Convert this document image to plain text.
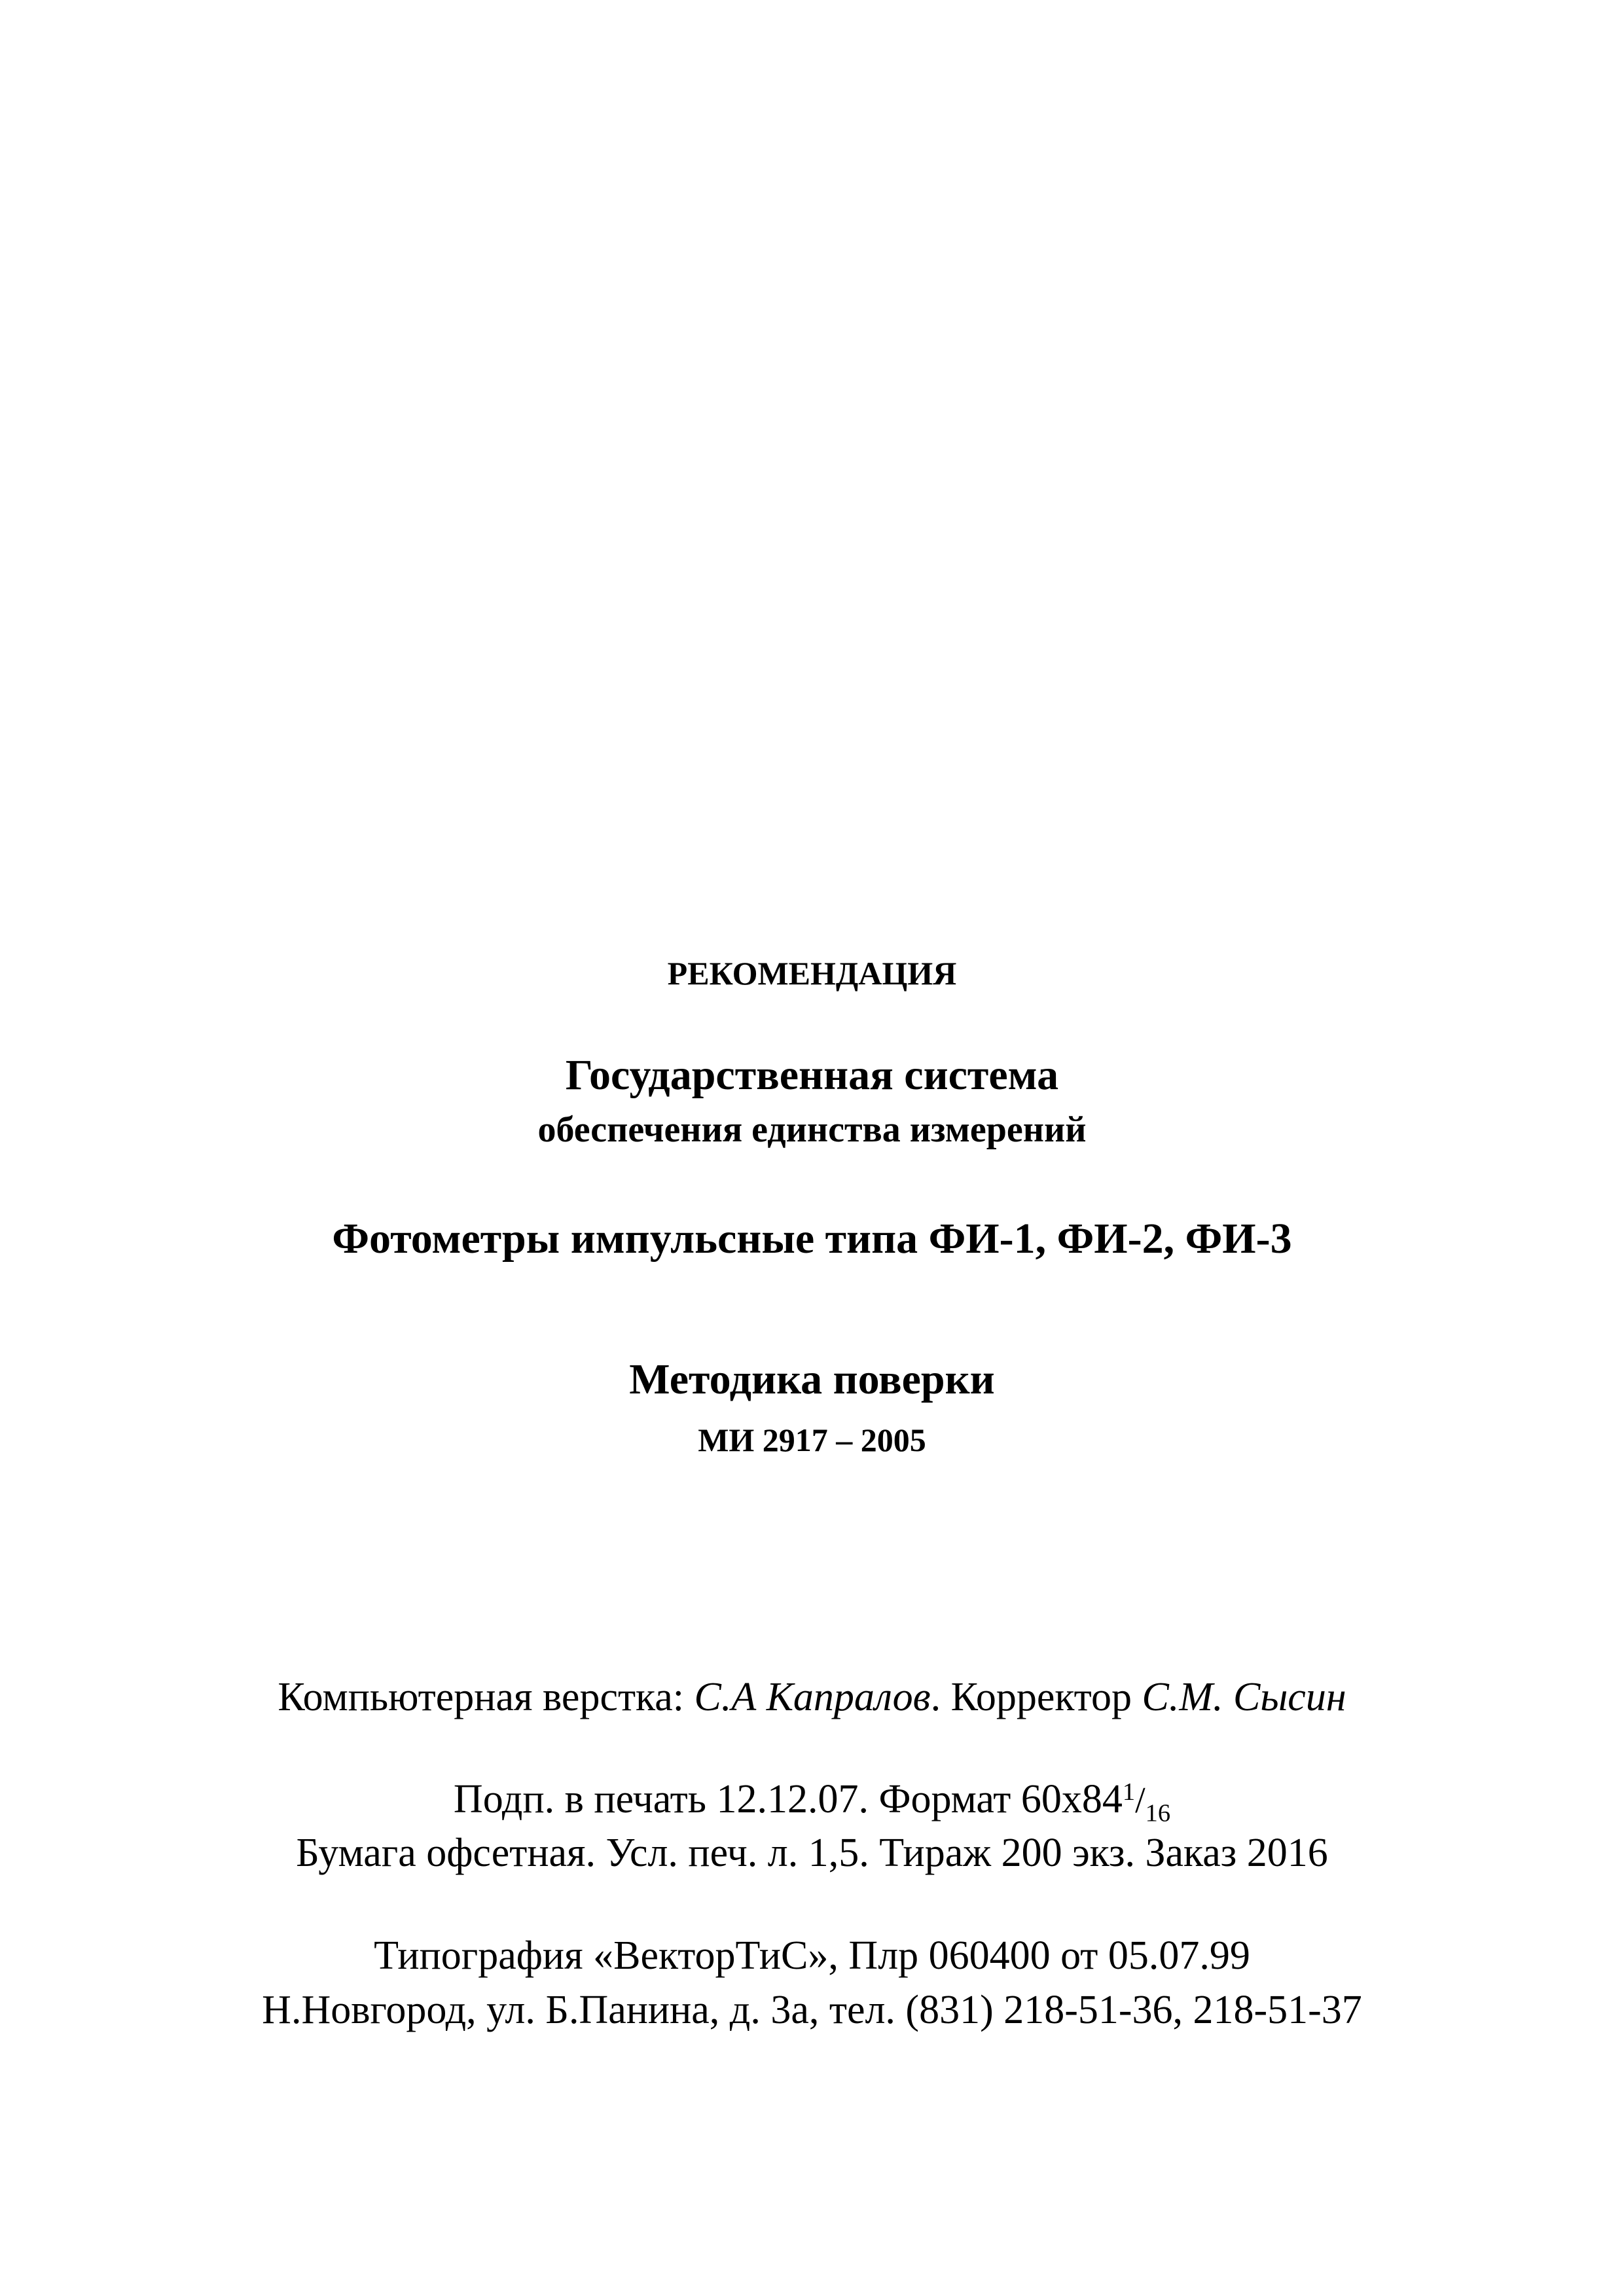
РЕКОМЕНДАЦИЯ
Государственная система
обеспечения единства измерений
Фотометры импульсные типа ФИ-1, ФИ-2, ФИ-3
Методика поверки
МИ 2917 – 2005
Компьютерная верстка: С.А Капралов. Корректор С.М. Сысин
Подп. в печать 12.12.07. Формат $60х84^1/_{16}$
Бумага офсетная. Усл. печ. л. 1,5. Тираж 200 экз. Заказ 2016
Типография «ВекторТиС», Плр 060400 от 05.07.99
Н.Новгород, ул. Б.Панина, д. 3а, тел. (831) 218-51-36, 218-51-37
